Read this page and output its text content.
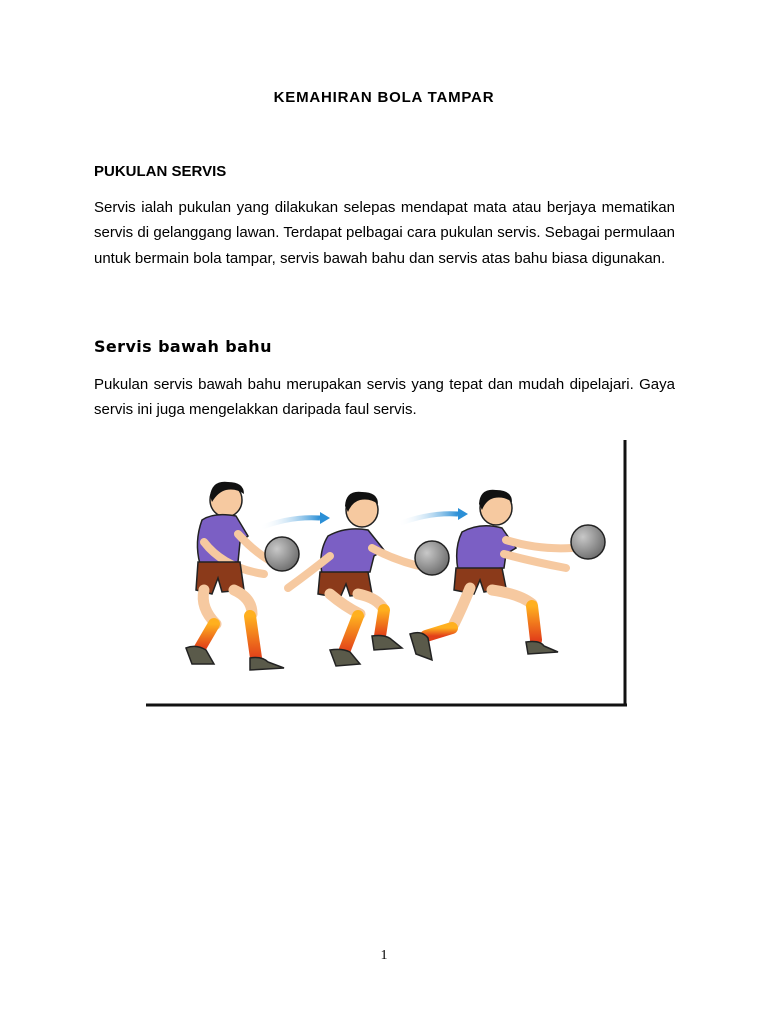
KEMAHIRAN BOLA TAMPAR
PUKULAN SERVIS
Servis ialah pukulan yang dilakukan selepas mendapat mata atau berjaya mematikan servis di gelanggang lawan. Terdapat pelbagai cara pukulan servis. Sebagai permulaan untuk bermain bola tampar, servis bawah bahu dan servis atas bahu biasa digunakan.
Servis bawah bahu
Pukulan servis bawah bahu merupakan servis yang tepat dan mudah dipelajari. Gaya servis ini juga mengelakkan daripada faul servis.
1
